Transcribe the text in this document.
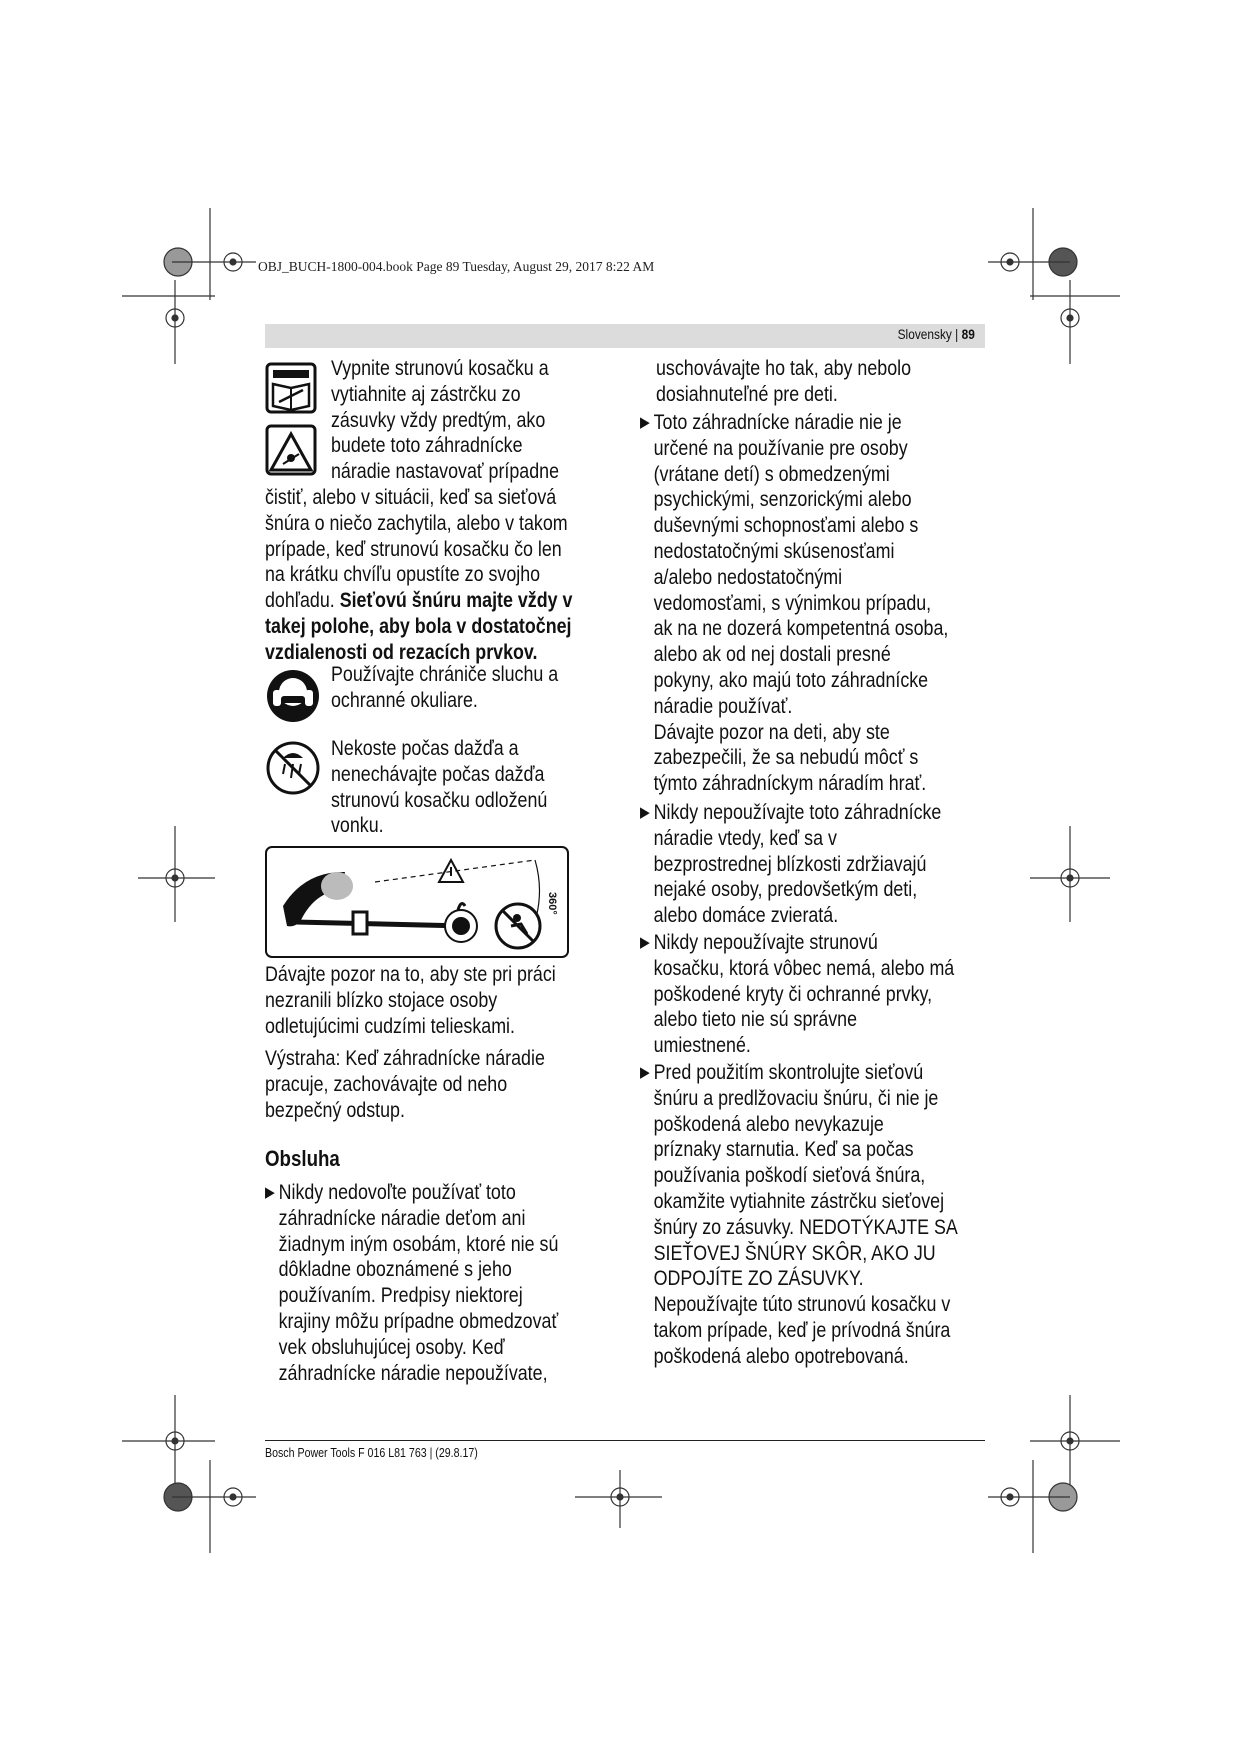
OBJ_BUCH-1800-004.book Page 89 Tuesday, August 29, 2017 8:22 AM
Slovensky | 89

Vypnite strunovú kosačku a

vytiahnite aj zástrčku zo

zásuvky vždy predtým, ako

budete toto záhradnícke

náradie nastavovať prípadne

čistiť, alebo v situácii, keď sa sieťová

šnúra o niečo zachytila, alebo v takom

prípade, keď strunovú kosačku čo len

na krátku chvíľu opustíte zo svojho

dohľadu. Sieťovú šnúru majte vždy v

takej polohe, aby bola v dostatočnej

vzdialenosti od rezacích prvkov.

Používajte chrániče sluchu a

ochranné okuliare.

Nekoste počas dažďa a

nenechávajte počas dažďa

strunovú kosačku odloženú

vonku.

360°

Dávajte pozor na to, aby ste pri práci

nezranili blízko stojace osoby

odletujúcimi cudzími telieskami.

Výstraha: Keď záhradnícke náradie

pracuje, zachovávajte od neho

bezpečný odstup.

Obsluha
▶ Nikdy nedovoľte používať toto

záhradnícke náradie deťom ani

žiadnym iným osobám, ktoré nie sú

dôkladne oboznámené s jeho

používaním. Predpisy niektorej

krajiny môžu prípadne obmedzovať

vek obsluhujúcej osoby. Keď

záhradnícke náradie nepoužívate,

uschovávajte ho tak, aby nebolo

dosiahnuteľné pre deti.

▶ Toto záhradnícke náradie nie je

určené na používanie pre osoby

(vrátane detí) s obmedzenými

psychickými, senzorickými alebo

duševnými schopnosťami alebo s

nedostatočnými skúsenosťami

a/alebo nedostatočnými

vedomosťami, s výnimkou prípadu,

ak na ne dozerá kompetentná osoba,

alebo ak od nej dostali presné

pokyny, ako majú toto záhradnícke

náradie používať.

Dávajte pozor na deti, aby ste

zabezpečili, že sa nebudú môcť s

týmto záhradníckym náradím hrať.

▶ Nikdy nepoužívajte toto záhradnícke

náradie vtedy, keď sa v

bezprostrednej blízkosti zdržiavajú

nejaké osoby, predovšetkým deti,

alebo domáce zvieratá.

▶ Nikdy nepoužívajte strunovú

kosačku, ktorá vôbec nemá, alebo má

poškodené kryty či ochranné prvky,

alebo tieto nie sú správne

umiestnené.

▶ Pred použitím skontrolujte sieťovú

šnúru a predlžovaciu šnúru, či nie je

poškodená alebo nevykazuje

príznaky starnutia. Keď sa počas

používania poškodí sieťová šnúra,

okamžite vytiahnite zástrčku sieťovej

šnúry zo zásuvky. NEDOTÝKAJTE SA

SIEŤOVEJ ŠNÚRY SKÔR, AKO JU

ODPOJÍTE ZO ZÁSUVKY.

Nepoužívajte túto strunovú kosačku v

takom prípade, keď je prívodná šnúra

poškodená alebo opotrebovaná.

Bosch Power Tools F 016 L81 763 | (29.8.17)
